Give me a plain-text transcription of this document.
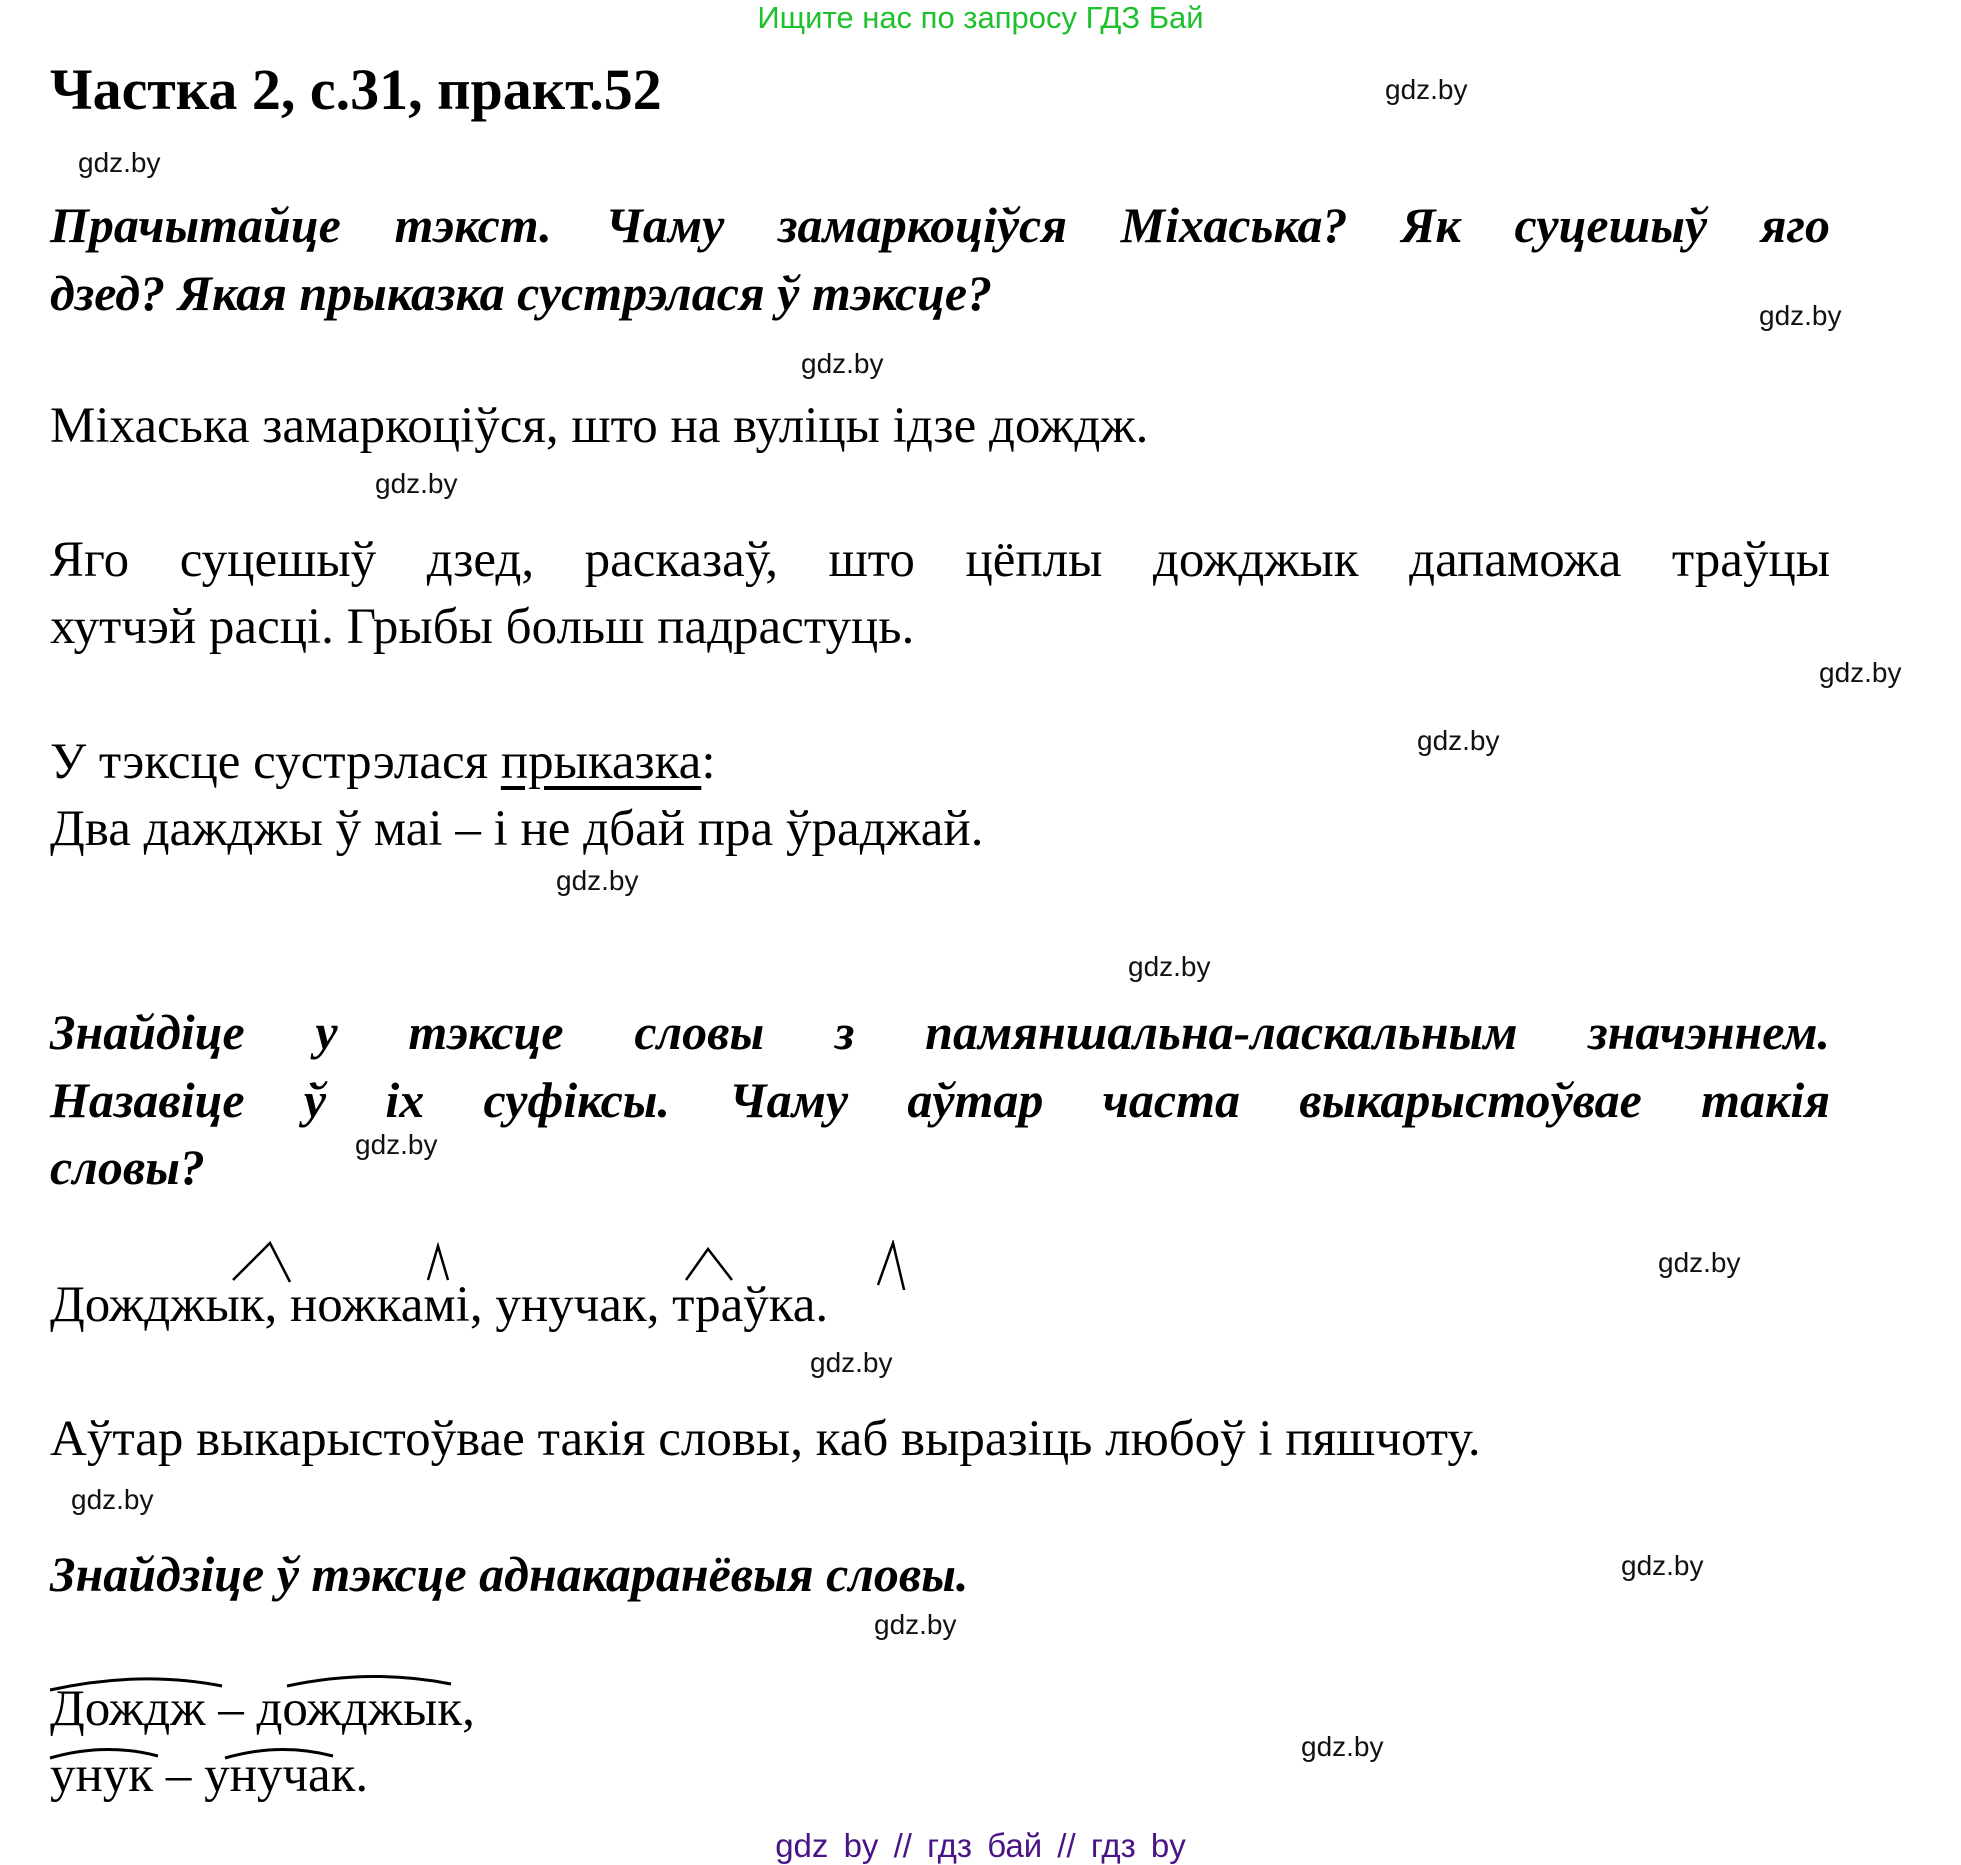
Ищите нас по запросу ГДЗ Бай
Частка 2, с.31, практ.52
Прачытайце тэкст. Чаму замаркоціўся Міхаська? Як суцешыў яго
дзед? Якая прыказка сустрэлася ў тэксце?
Міхаська замаркоціўся, што на вуліцы ідзе дождж.
Яго суцешыў дзед, расказаў, што цёплы дожджык дапаможа траўцы
хутчэй расці. Грыбы больш падрастуць.
У тэксце сустрэлася прыказка:
Два дажджы ў маі – і не дбай пра ўраджай.
Знайдіце у тэксце словы з памяншальна-ласкальным значэннем.
Назавіце ў іх суфіксы. Чаму аўтар часта выкарыстоўвае такія
словы?
Дожджык, ножкамі, унучак, траўка.
Аўтар выкарыстоўвае такія словы, каб выразіць любоў і пяшчоту.
Знайдзіце ў тэксце аднакаранёвыя словы.
Дождж – дожджык,
унук – унучак.
gdz.by
gdz.by
gdz.by
gdz.by
gdz.by
gdz.by
gdz.by
gdz.by
gdz.by
gdz.by
gdz.by
gdz.by
gdz.by
gdz.by
gdz.by
gdz.by
gdz by // гдз бай // гдз by
